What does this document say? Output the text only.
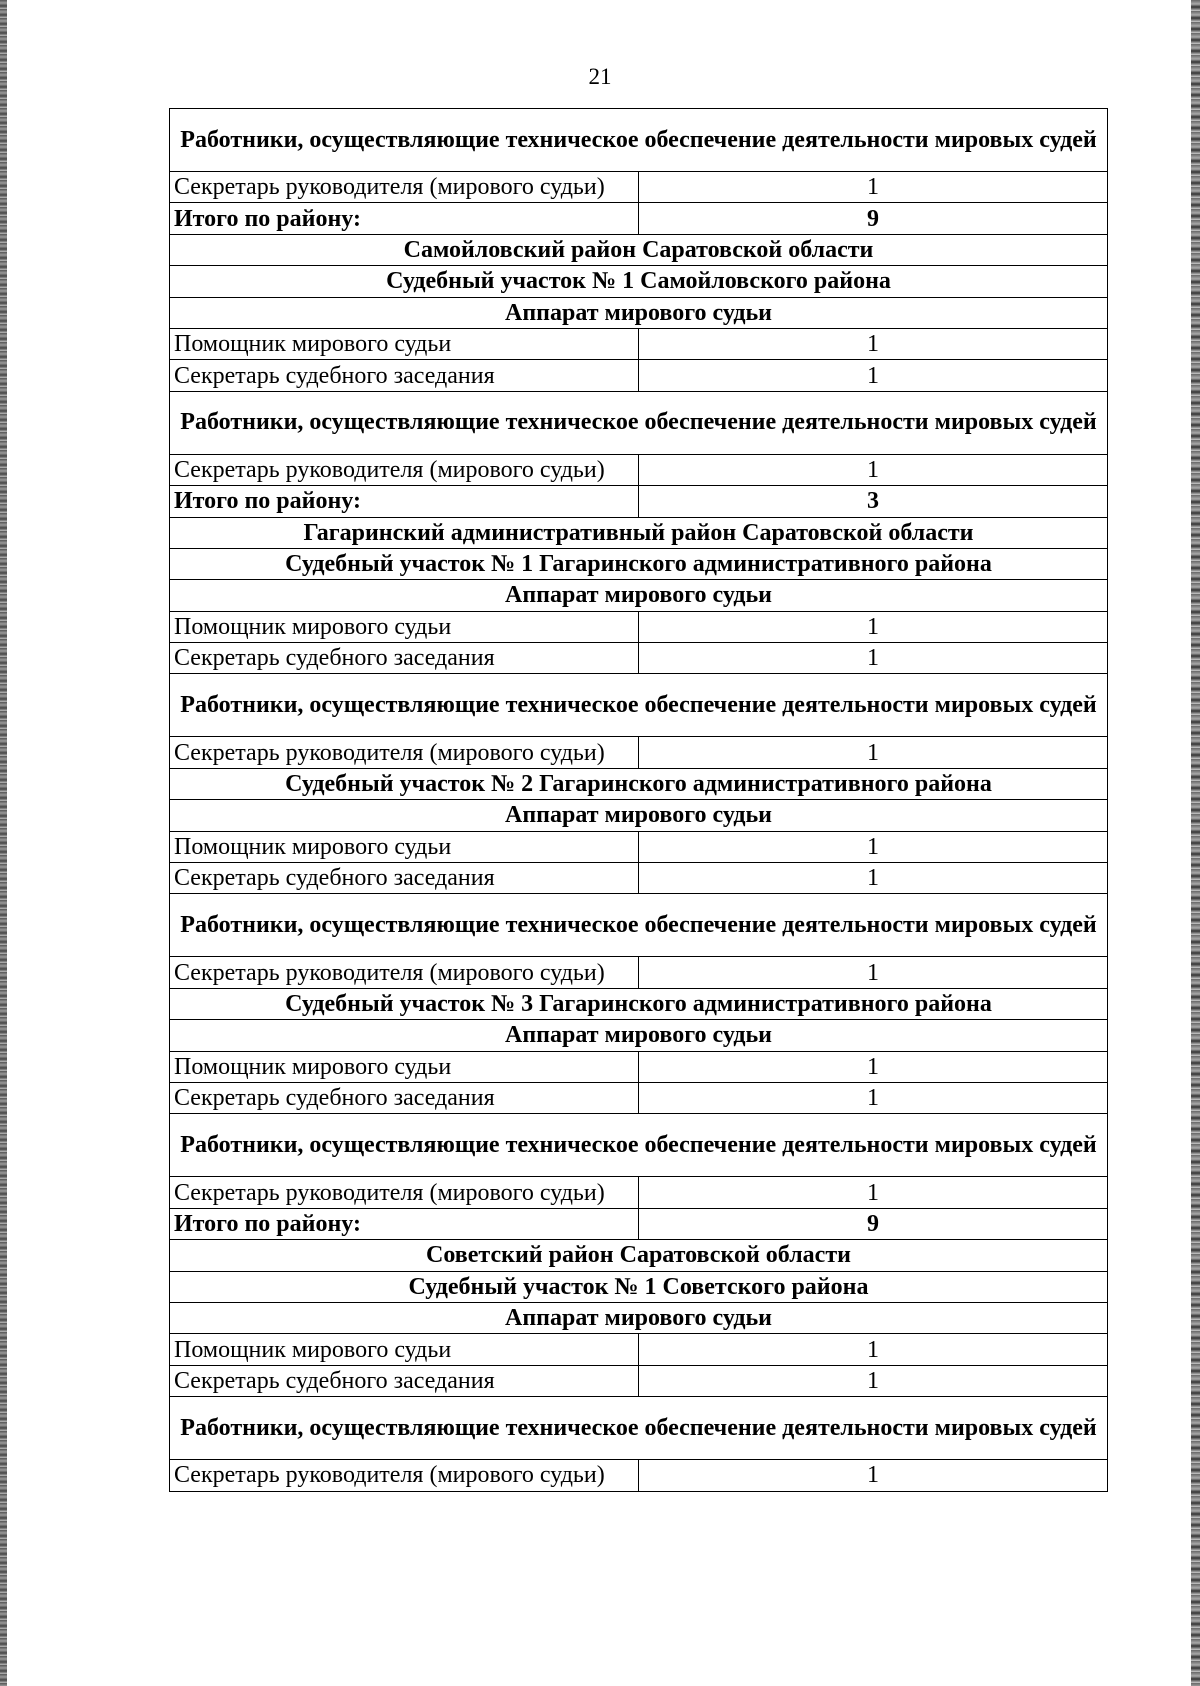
21
Работники, осуществляющие техническое обеспечение деятельности мировых судей	
Секретарь руководителя (мирового судьи)	1
Итого по району:	9
Самойловский район Саратовской области	
Судебный участок № 1 Самойловского района	
Аппарат мирового судьи	
Помощник мирового судьи	1
Секретарь судебного заседания	1
Работники, осуществляющие техническое обеспечение деятельности мировых судей	
Секретарь руководителя (мирового судьи)	1
Итого по району:	3
Гагаринский административный район Саратовской области	
Судебный участок № 1 Гагаринского административного района	
Аппарат мирового судьи	
Помощник мирового судьи	1
Секретарь судебного заседания	1
Работники, осуществляющие техническое обеспечение деятельности мировых судей	
Секретарь руководителя (мирового судьи)	1
Судебный участок № 2 Гагаринского административного района	
Аппарат мирового судьи	
Помощник мирового судьи	1
Секретарь судебного заседания	1
Работники, осуществляющие техническое обеспечение деятельности мировых судей	
Секретарь руководителя (мирового судьи)	1
Судебный участок № 3 Гагаринского административного района	
Аппарат мирового судьи	
Помощник мирового судьи	1
Секретарь судебного заседания	1
Работники, осуществляющие техническое обеспечение деятельности мировых судей	
Секретарь руководителя (мирового судьи)	1
Итого по району:	9
Советский район Саратовской области	
Судебный участок № 1 Советского района	
Аппарат мирового судьи	
Помощник мирового судьи	1
Секретарь судебного заседания	1
Работники, осуществляющие техническое обеспечение деятельности мировых судей	
Секретарь руководителя (мирового судьи)	1
